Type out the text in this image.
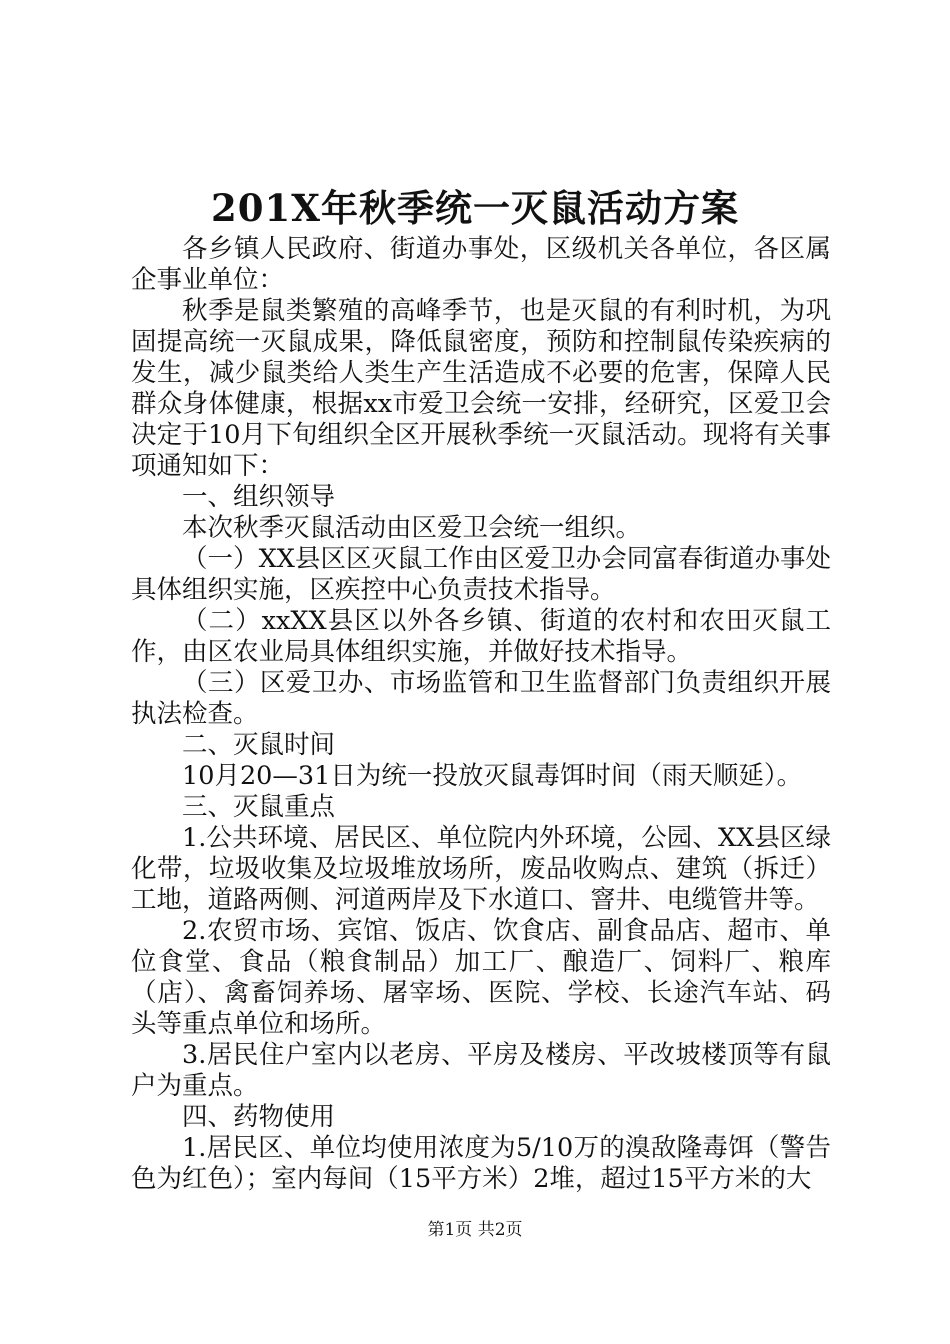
201X年秋季统一灭鼠活动方案

各乡镇人民政府、街道办事处，区级机关各单位，各区属企事业单位：

秋季是鼠类繁殖的高峰季节，也是灭鼠的有利时机，为巩固提高统一灭鼠成果，降低鼠密度，预防和控制鼠传染疾病的发生，减少鼠类给人类生产生活造成不必要的危害，保障人民群众身体健康，根据xx市爱卫会统一安排，经研究，区爱卫会决定于10月下旬组织全区开展秋季统一灭鼠活动。现将有关事项通知如下：

一、组织领导

本次秋季灭鼠活动由区爱卫会统一组织。

（一）XX县区区灭鼠工作由区爱卫办会同富春街道办事处具体组织实施，区疾控中心负责技术指导。

（二）xxXX县区以外各乡镇、街道的农村和农田灭鼠工作，由区农业局具体组织实施，并做好技术指导。

（三）区爱卫办、市场监管和卫生监督部门负责组织开展执法检查。

二、灭鼠时间

10月20—31日为统一投放灭鼠毒饵时间（雨天顺延）。

三、灭鼠重点

1.公共环境、居民区、单位院内外环境，公园、XX县区绿化带，垃圾收集及垃圾堆放场所，废品收购点、建筑（拆迁）工地，道路两侧、河道两岸及下水道口、窨井、电缆管井等。

2.农贸市场、宾馆、饭店、饮食店、副食品店、超市、单位食堂、食品（粮食制品）加工厂、酿造厂、饲料厂、粮库（店）、禽畜饲养场、屠宰场、医院、学校、长途汽车站、码头等重点单位和场所。

3.居民住户室内以老房、平房及楼房、平改坡楼顶等有鼠户为重点。

四、药物使用

1.居民区、单位均使用浓度为5/10万的溴敌隆毒饵（警告色为红色）；室内每间（15平方米）2堆，超过15平方米的大

第1页 共2页
